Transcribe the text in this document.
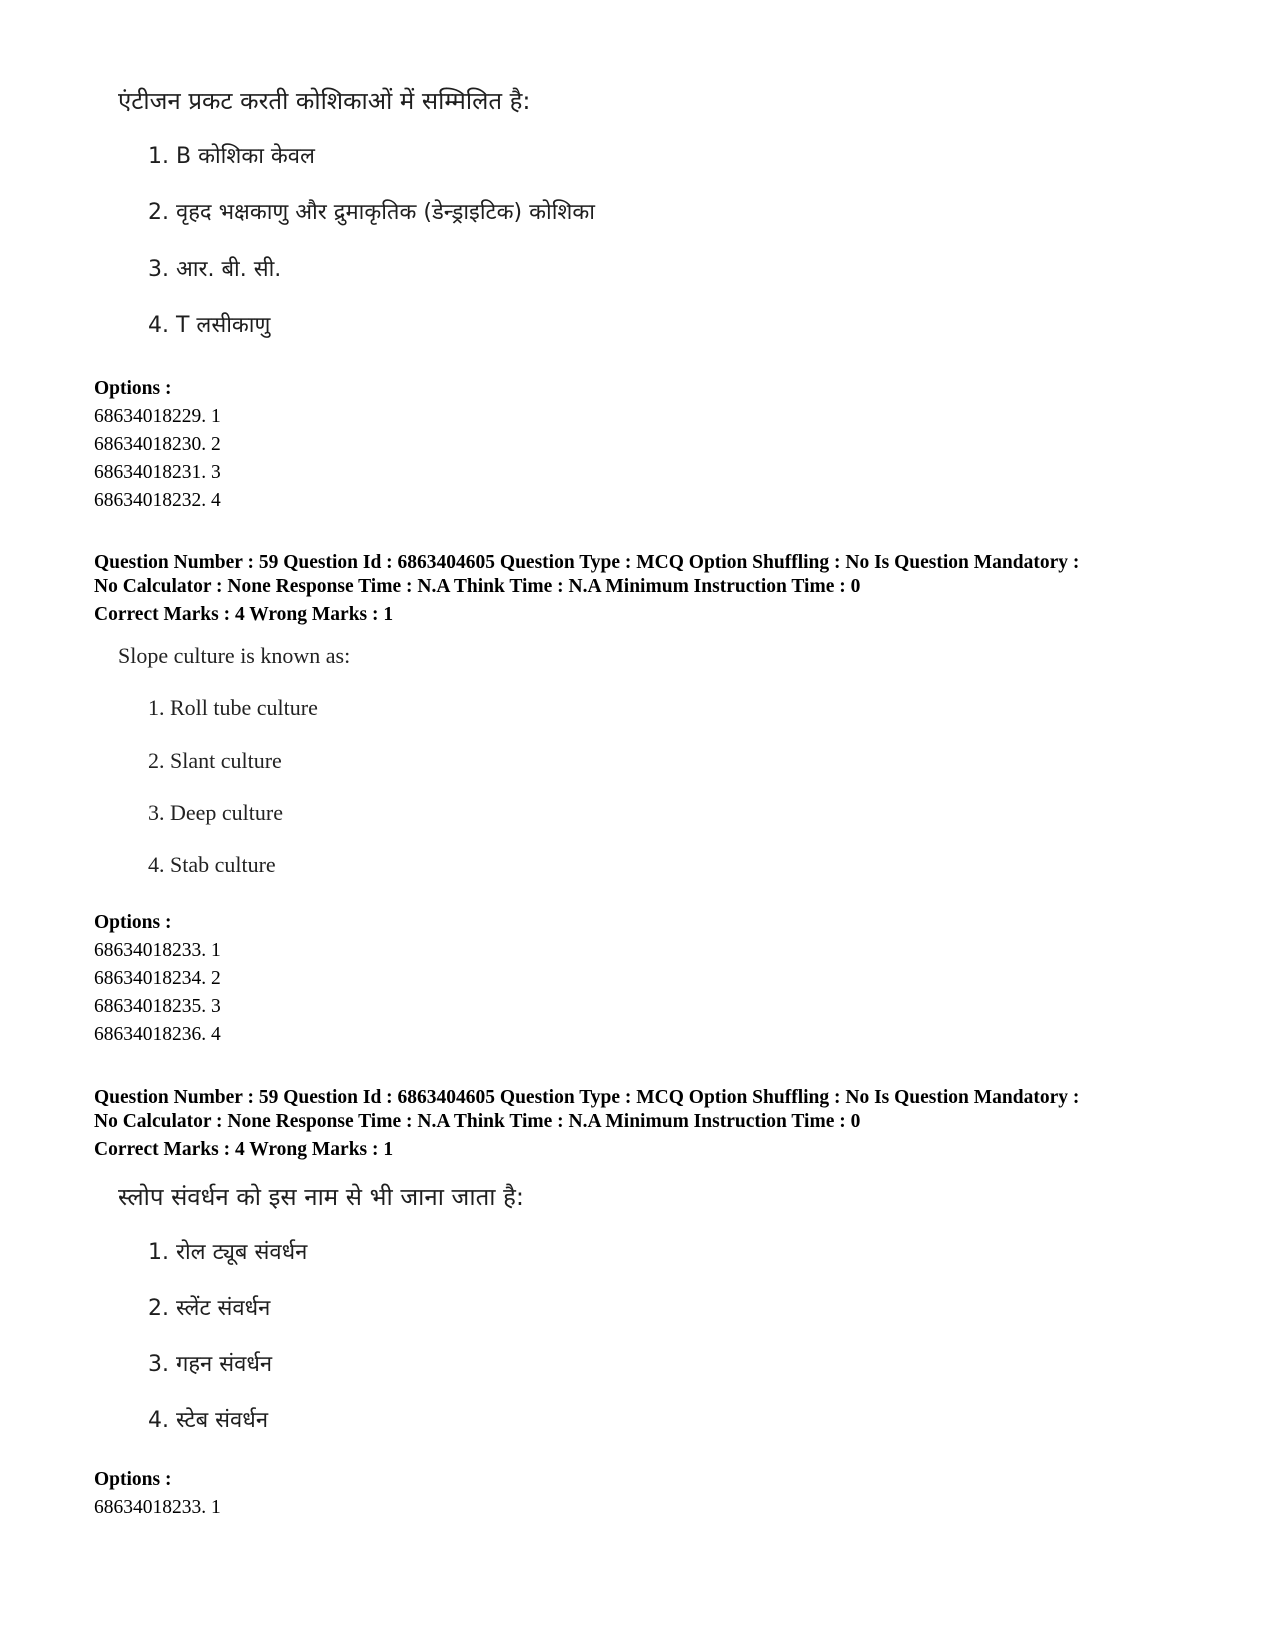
एंटीजन प्रकट करती कोशिकाओं में सम्मिलित है:
1. B कोशिका केवल
2. वृहद भक्षकाणु और द्रुमाकृतिक (डेन्ड्राइटिक) कोशिका
3. आर. बी. सी.
4. T लसीकाणु
Options :
68634018229. 1
68634018230. 2
68634018231. 3
68634018232. 4
Question Number : 59 Question Id : 6863404605 Question Type : MCQ Option Shuffling : No Is Question Mandatory :
No Calculator : None Response Time : N.A Think Time : N.A Minimum Instruction Time : 0
Correct Marks : 4 Wrong Marks : 1
Slope culture is known as:
1. Roll tube culture
2. Slant culture
3. Deep culture
4. Stab culture
Options :
68634018233. 1
68634018234. 2
68634018235. 3
68634018236. 4
Question Number : 59 Question Id : 6863404605 Question Type : MCQ Option Shuffling : No Is Question Mandatory :
No Calculator : None Response Time : N.A Think Time : N.A Minimum Instruction Time : 0
Correct Marks : 4 Wrong Marks : 1
स्लोप संवर्धन को इस नाम से भी जाना जाता है:
1. रोल ट्यूब संवर्धन
2. स्लेंट संवर्धन
3. गहन संवर्धन
4. स्टेब संवर्धन
Options :
68634018233. 1
